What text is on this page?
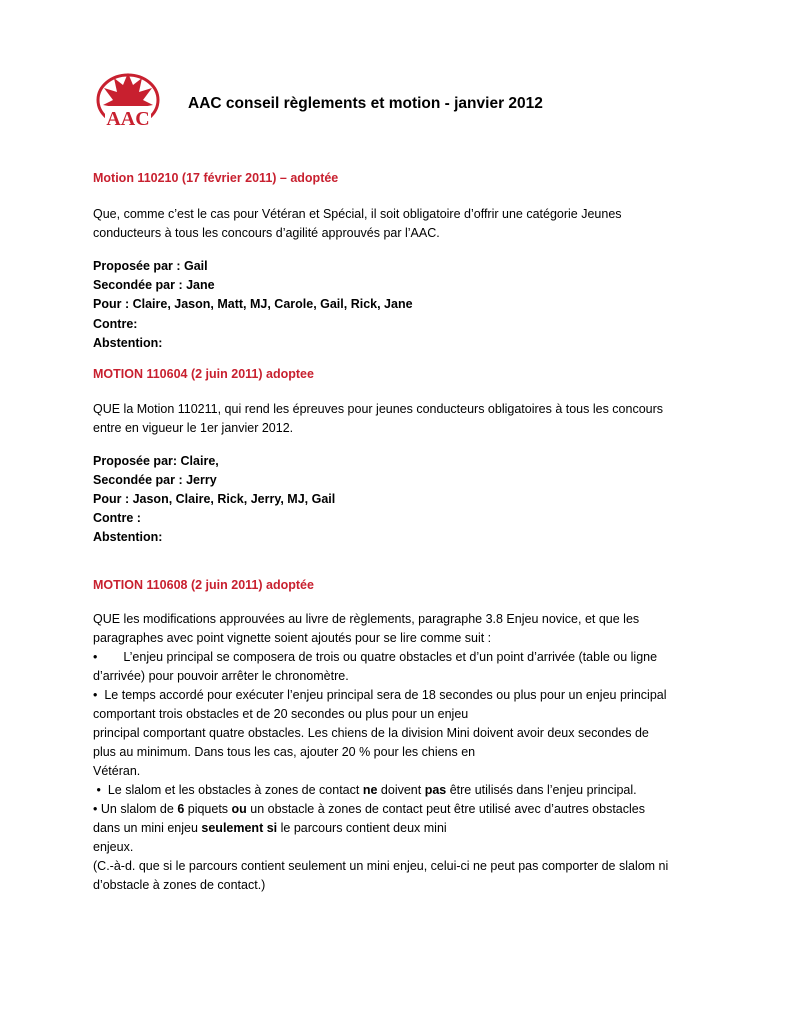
AAC
AAC conseil règlements et motion - janvier 2012
Motion 110210 (17 février 2011) – adoptée
Que, comme c’est le cas pour Vétéran et Spécial, il soit obligatoire d’offrir une catégorie Jeunes
conducteurs à tous les concours d’agilité approuvés par l’AAC.
Proposée par : Gail
Secondée par : Jane
Pour : Claire, Jason, Matt, MJ, Carole, Gail, Rick, Jane
Contre:
Abstention:
MOTION 110604 (2 juin 2011) adoptee
QUE la Motion 110211, qui rend les épreuves pour jeunes conducteurs obligatoires à tous les concours
entre en vigueur le 1er janvier 2012.
Proposée par: Claire,
Secondée par : Jerry
Pour : Jason, Claire, Rick, Jerry, MJ, Gail
Contre :
Abstention:
MOTION 110608 (2 juin 2011) adoptée
QUE les modifications approuvées au livre de règlements, paragraphe 3.8 Enjeu novice, et que les
paragraphes avec point vignette soient ajoutés pour se lire comme suit :
• L’enjeu principal se composera de trois ou quatre obstacles et d’un point d’arrivée (table ou ligne
d’arrivée) pour pouvoir arrêter le chronomètre.
• Le temps accordé pour exécuter l’enjeu principal sera de 18 secondes ou plus pour un enjeu principal
comportant trois obstacles et de 20 secondes ou plus pour un enjeu
principal comportant quatre obstacles. Les chiens de la division Mini doivent avoir deux secondes de
plus au minimum. Dans tous les cas, ajouter 20 % pour les chiens en
Vétéran.
• Le slalom et les obstacles à zones de contact ne doivent pas être utilisés dans l’enjeu principal.
• Un slalom de 6 piquets ou un obstacle à zones de contact peut être utilisé avec d’autres obstacles
dans un mini enjeu seulement si le parcours contient deux mini
enjeux.
(C.-à-d. que si le parcours contient seulement un mini enjeu, celui-ci ne peut pas comporter de slalom ni
d’obstacle à zones de contact.)
